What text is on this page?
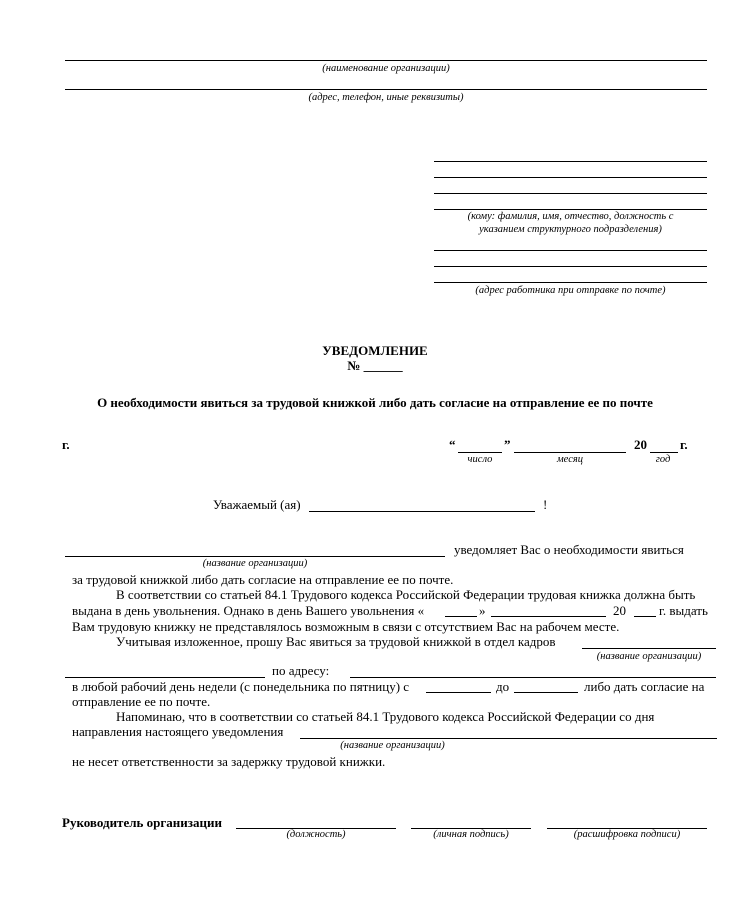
(наименование организации)
(адрес, телефон, иные реквизиты)
(кому: фамилия, имя, отчество, должность с
указанием структурного подразделения)
(адрес работника при отправке по почте)
УВЕДОМЛЕНИЕ
№ ______
О необходимости явиться за трудовой книжкой либо дать согласие на отправление ее по почте
г.	“	”	20	г.
число	месяц	год
Уважаемый (ая)	!
уведомляет Вас о необходимости явиться
(название организации)
за трудовой книжкой либо дать согласие на отправление ее по почте.
В соответствии со статьей 84.1 Трудового кодекса Российской Федерации трудовая книжка должна быть
выдана в день увольнения. Однако в день Вашего увольнения «	»	20	г. выдать
Вам трудовую книжку не представлялось возможным в связи с отсутствием Вас на рабочем месте.
Учитывая изложенное, прошу Вас явиться за трудовой книжкой в отдел кадров
(название организации)
по адресу:
в любой рабочий день недели (с понедельника по пятницу) с	до	либо дать согласие на
отправление ее по почте.
Напоминаю, что в соответствии со статьей 84.1 Трудового кодекса Российской Федерации со дня
направления настоящего уведомления
(название организации)
не несет ответственности за задержку трудовой книжки.
Руководитель организации
(должность)	(личная подпись)	(расшифровка подписи)
